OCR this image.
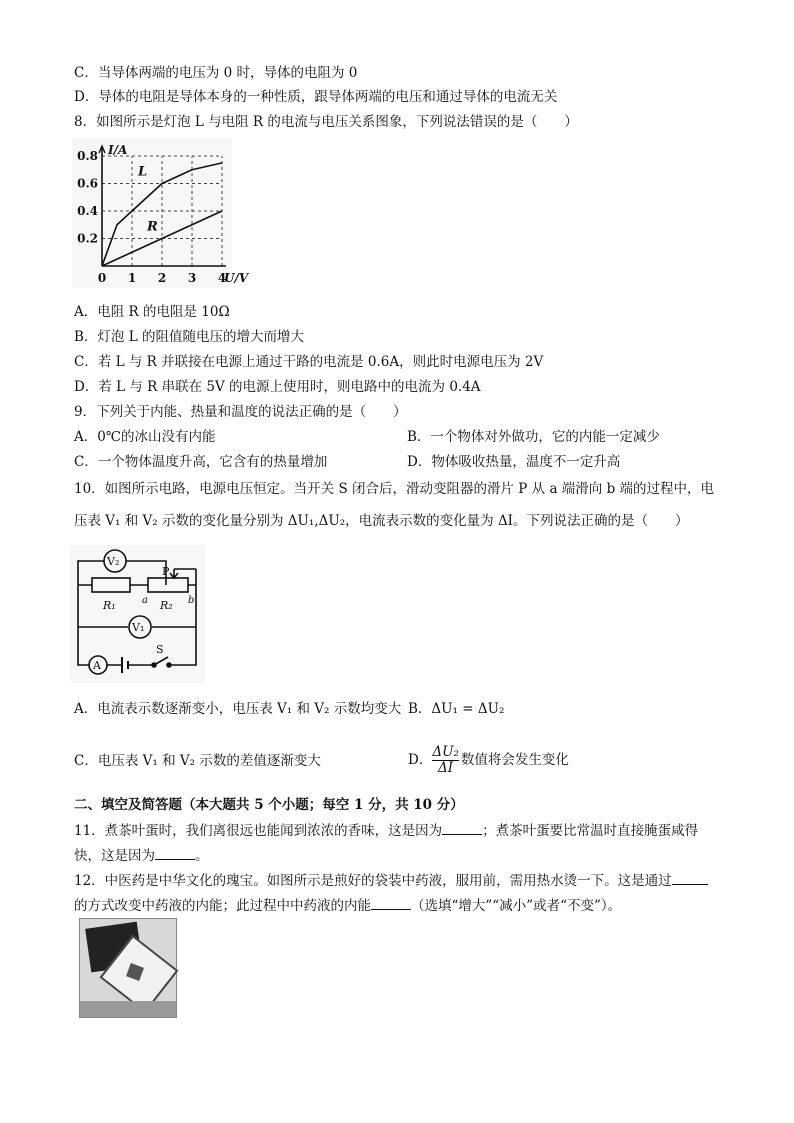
C．当导体两端的电压为 0 时，导体的电阻为 0
D．导体的电阻是导体本身的一种性质，跟导体两端的电压和通过导体的电流无关
8．如图所示是灯泡 L 与电阻 R 的电流与电压关系图象，下列说法错误的是（　　）
0.8
0.6
0.4
0.2
0 1 2 3 4
I/A
U/V
L
R
A．电阻 R 的电阻是 10Ω
B．灯泡 L 的阻值随电压的增大而增大
C．若 L 与 R 并联接在电源上通过干路的电流是 0.6A，则此时电源电压为 2V
D．若 L 与 R 串联在 5V 的电源上使用时，则电路中的电流为 0.4A
9．下列关于内能、热量和温度的说法正确的是（　　）
A．0℃的冰山没有内能	B．一个物体对外做功，它的内能一定减少
C．一个物体温度升高，它含有的热量增加	D．物体吸收热量，温度不一定升高
10．如图所示电路，电源电压恒定。当开关 S 闭合后，滑动变阻器的滑片 P 从 a 端滑向 b 端的过程中，电
压表 V₁ 和 V₂ 示数的变化量分别为 ΔU₁,ΔU₂，电流表示数的变化量为 ΔI。下列说法正确的是（　　）
V₂
V₁
A
S
R₁	R₂
P
a	b
A．电流表示数逐渐变小，电压表 V₁ 和 V₂ 示数均变大 B．ΔU₁ = ΔU₂
C．电压表 V₁ 和 V₂ 示数的差值逐渐变大	D． $\frac{\text{ΔU₂}}{\Delta I}$ 数值将会发生变化
二、填空及简答题（本大题共 5 个小题；每空 1 分，共 10 分）
11．煮茶叶蛋时，我们离很远也能闻到浓浓的香味，这是因为	；煮茶叶蛋要比常温时直接腌蛋咸得
快，这是因为	。
12．中医药是中华文化的瑰宝。如图所示是煎好的袋装中药液，服用前，需用热水烫一下。这是通过
的方式改变中药液的内能；此过程中中药液的内能	（选填“增大”“减小”或者“不变”）。
